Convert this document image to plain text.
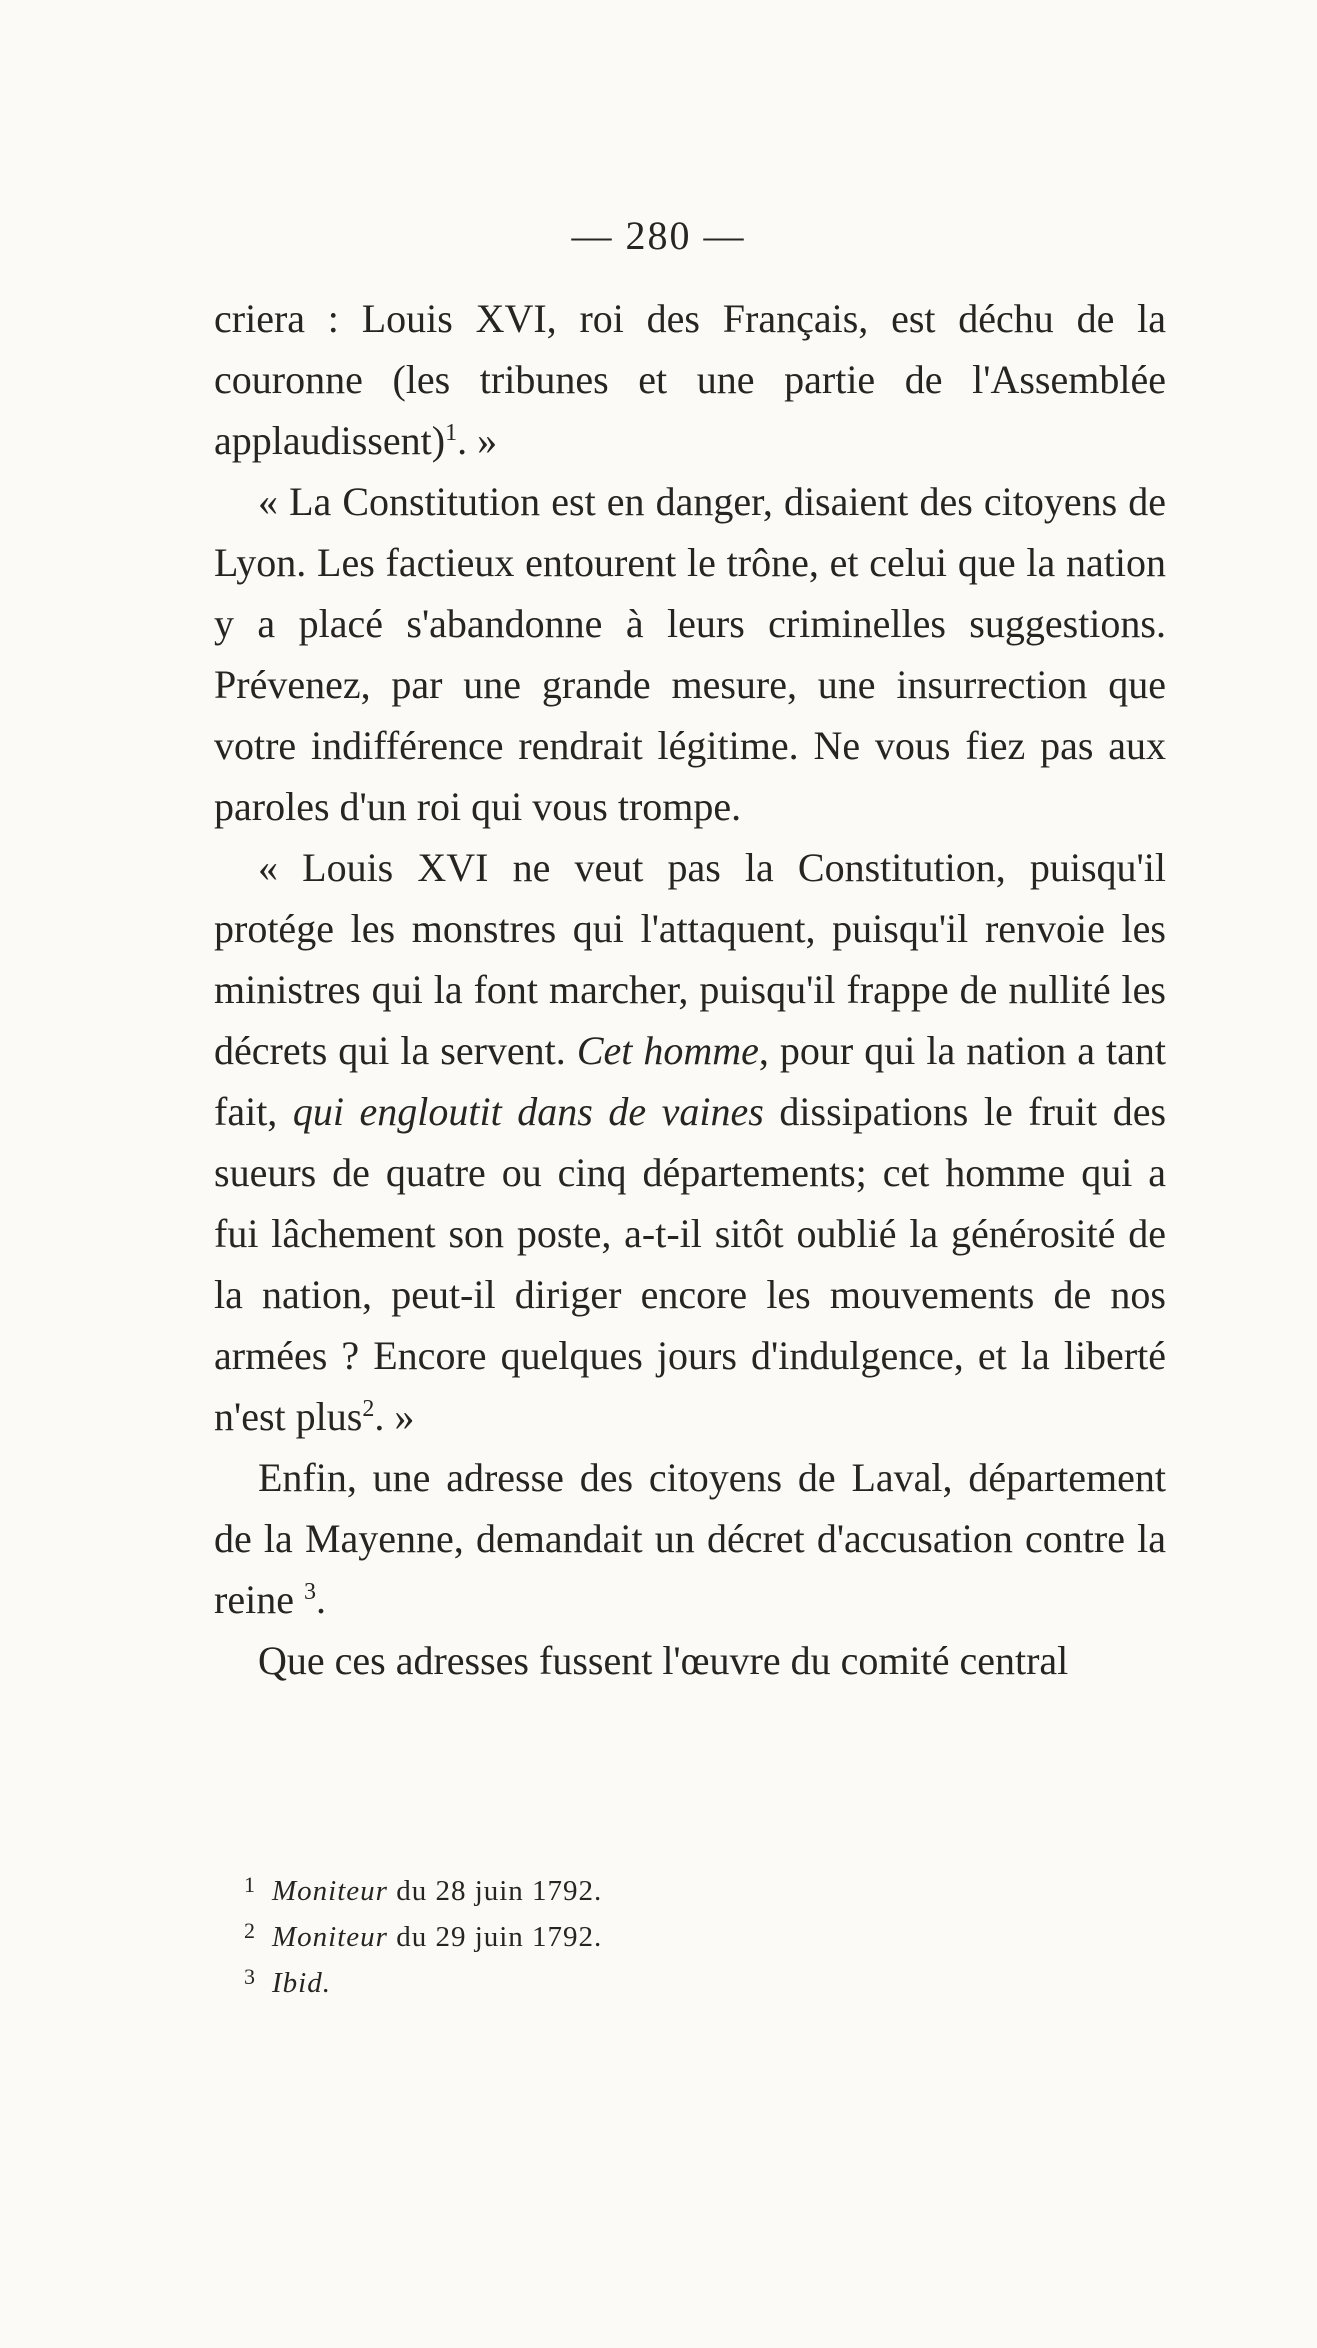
— 280 —

criera : Louis XVI, roi des Français, est déchu de la couronne (les tribunes et une partie de l'Assemblée applaudissent)$^1$. »

« La Constitution est en danger, disaient des citoyens de Lyon. Les factieux entourent le trône, et celui que la nation y a placé s'abandonne à leurs criminelles suggestions. Prévenez, par une grande mesure, une insurrection que votre indifférence rendrait légitime. Ne vous fiez pas aux paroles d'un roi qui vous trompe.

« Louis XVI ne veut pas la Constitution, puisqu'il protége les monstres qui l'attaquent, puisqu'il renvoie les ministres qui la font marcher, puisqu'il frappe de nullité les décrets qui la servent. Cet homme, pour qui la nation a tant fait, qui engloutit dans de vaines dissipations le fruit des sueurs de quatre ou cinq départements; cet homme qui a fui lâchement son poste, a-t-il sitôt oublié la générosité de la nation, peut-il diriger encore les mouvements de nos armées ? Encore quelques jours d'indulgence, et la liberté n'est plus$^2$. »

Enfin, une adresse des citoyens de Laval, département de la Mayenne, demandait un décret d'accusation contre la reine $^3$.

Que ces adresses fussent l'œuvre du comité central

1 Moniteur du 28 juin 1792.
2 Moniteur du 29 juin 1792.
3 Ibid.
